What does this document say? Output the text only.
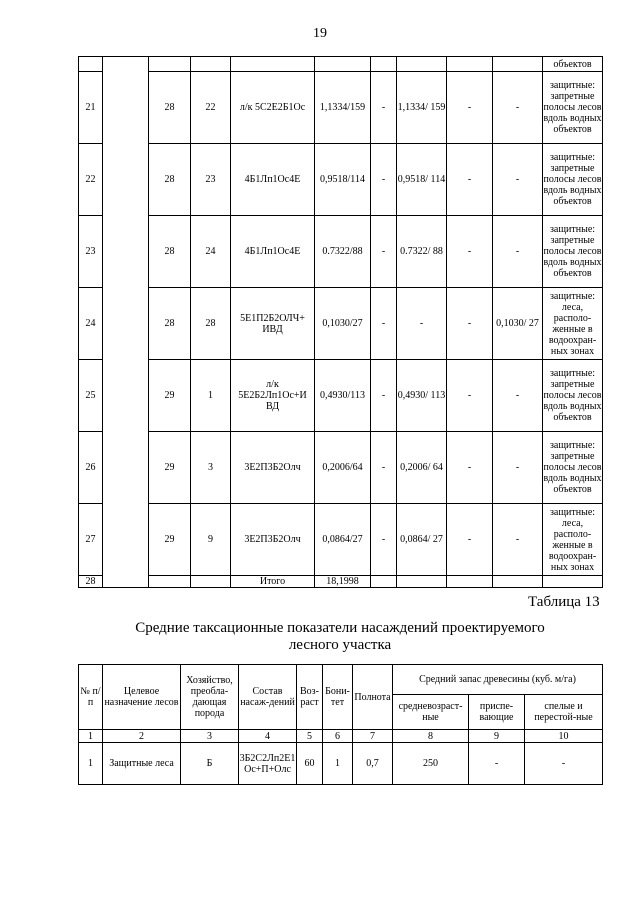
19
										объектов
21		28	22	л/к 5С2Е2Б1Ос	1,1334/159	-	1,1334/ 159	-	-	защитные: запретные полосы лесов вдоль водных объектов
22		28	23	4Б1Лп1Ос4Е	0,9518/114	-	0,9518/ 114	-	-	защитные: запретные полосы лесов вдоль водных объектов
23		28	24	4Б1Лп1Ос4Е	0.7322/88	-	0.7322/ 88	-	-	защитные: запретные полосы лесов вдоль водных объектов
24		28	28	5Е1П2Б2ОЛЧ+ ИВД	0,1030/27	-	-	-	0,1030/ 27	защитные: леса, располо-женные в водоохран-ных зонах
25		29	1	л/к 5Е2Б2Лп1Ос+И ВД	0,4930/113	-	0,4930/ 113	-	-	защитные: запретные полосы лесов вдоль водных объектов
26		29	3	3Е2П3Б2Олч	0,2006/64	-	0,2006/ 64	-	-	защитные: запретные полосы лесов вдоль водных объектов
27		29	9	3Е2П3Б2Олч	0,0864/27	-	0,0864/ 27	-	-	защитные: леса, располо-женные в водоохран-ных зонах
28				Итого	18,1998					
Таблица 13
Средние таксационные показатели насаждений проектируемого
лесного участка
№ п/п	Целевое назначение лесов	Хозяйство, преобла-дающая порода	Состав насаж-дений	Воз-раст	Бони-тет	Полнота	Средний запас древесины (куб. м/га)		
							средневозраст-ные	приспе-вающие	спелые и перестой-ные
1	2	3	4	5	6	7	8	9	10
1	Защитные леса	Б	3Б2С2Лп2Е1 Ос+П+Олс	60	1	0,7	250	-	-
